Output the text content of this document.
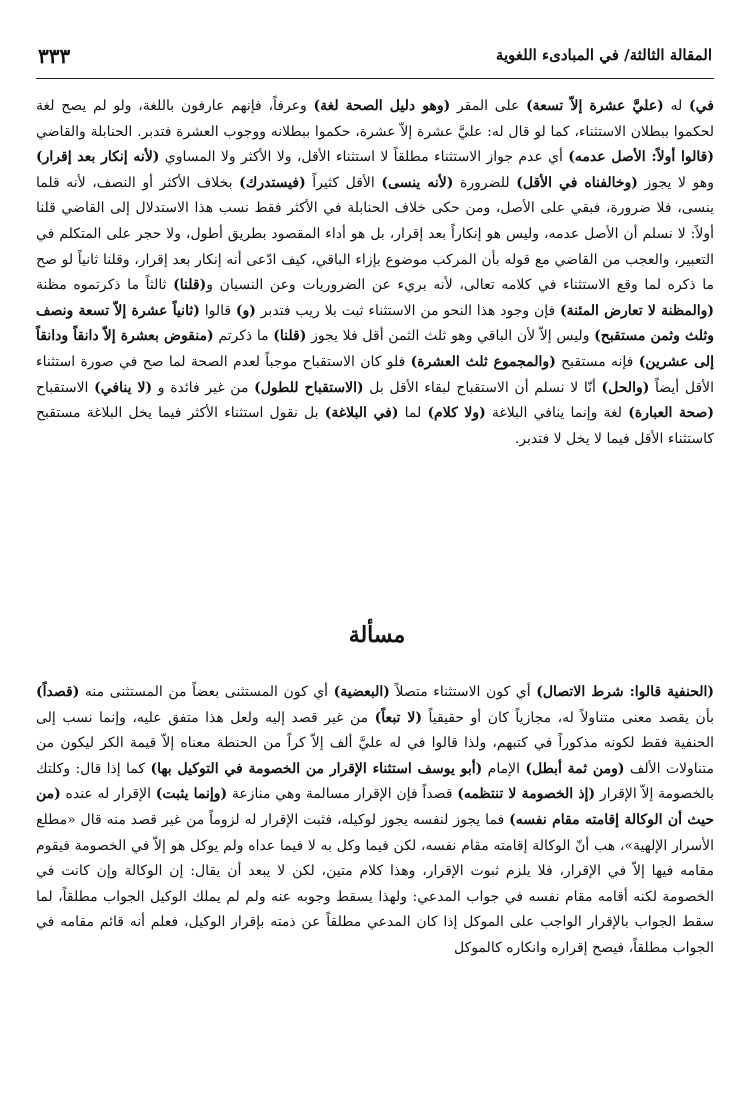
المقالة الثالثة/ في المبادىء اللغوية
٣٣٣
في) له (عليَّ عشرة إلاّ تسعة) على المقر (وهو دليل الصحة لغة) وعرفاً، فإنهم عارفون باللغة، ولو لم يصح لغة لحكموا ببطلان الاستثناء، كما لو قال له: عليَّ عشرة إلاّ عشرة، حكموا ببطلانه ووجوب العشرة فتدبر. الحنابلة والقاضي (قالوا أولاً: الأصل عدمه) أي عدم جواز الاستثناء مطلقاً لا استثناء الأقل، ولا الأكثر ولا المساوي (لأنه إنكار بعد إقرار) وهو لا يجوز (وخالفناه في الأقل) للضرورة (لأنه ينسى) الأقل كثيراً (فيستدرك) بخلاف الأكثر أو النصف، لأنه قلما ينسى، فلا ضرورة، فبقي على الأصل، ومن حكى خلاف الحنابلة في الأكثر فقط نسب هذا الاستدلال إلى القاضي قلنا أولاً: لا نسلم أن الأصل عدمه، وليس هو إنكاراً بعد إقرار، بل هو أداء المقصود بطريق أطول، ولا حجر على المتكلم في التعبير، والعجب من القاضي مع قوله بأن المركب موضوع بإزاء الباقي، كيف ادّعى أنه إنكار بعد إقرار، وقلنا ثانياً لو صح ما ذكره لما وقع الاستثناء في كلامه تعالى، لأنه بريء عن الضروريات وعن النسيان و(قلنا) ثالثاً ما ذكرتموه مظنة (والمظنة لا تعارض المئنة) فإن وجود هذا النحو من الاستثناء ثبت بلا ريب فتدبر (و) قالوا (ثانياً عشرة إلاّ تسعة ونصف وثلث وثمن مستقبح) وليس إلاّ لأن الباقي وهو ثلث الثمن أقل فلا يجوز (قلنا) ما ذكرتم (منقوض بعشرة إلاّ دانقاً ودانقاً إلى عشرين) فإنه مستقبح (والمجموع ثلث العشرة) فلو كان الاستقباح موجباً لعدم الصحة لما صح في صورة استثناء الأقل أيضاً (والحل) أنّا لا نسلم أن الاستقباح لبقاء الأقل بل (الاستقباح للطول) من غير فائدة و (لا ينافي) الاستقباح (صحة العبارة) لغة وإنما ينافي البلاغة (ولا كلام) لما (في البلاغة) بل نقول استثناء الأكثر فيما يخل البلاغة مستقبح كاستثناء الأقل فيما لا يخل لا فتدبر.
مسألة
(الحنفية قالوا: شرط الاتصال) أي كون الاستثناء متصلاً (البعضية) أي كون المستثنى بعضاً من المستثنى منه (قصداً) بأن يقصد معنى متناولاً له، مجازياً كان أو حقيقياً (لا تبعاً) من غير قصد إليه ولعل هذا متفق عليه، وإنما نسب إلى الحنفية فقط لكونه مذكوراً في كتبهم، ولذا قالوا في له عليَّ ألف إلاّ كراً من الحنطة معناه إلاّ قيمة الكر ليكون من متناولات الألف (ومن ثمة أبطل) الإمام (أبو يوسف استثناء الإقرار من الخصومة في التوكيل بها) كما إذا قال: وكلتك بالخصومة إلاّ الإقرار (إذ الخصومة لا تنتظمه) قصداً فإن الإقرار مسالمة وهي منازعة (وإنما يثبت) الإقرار له عنده (من حيث أن الوكالة إقامته مقام نفسه) فما يجوز لنفسه يجوز لوكيله، فثبت الإقرار له لزوماً من غير قصد منه قال «مطلع الأسرار الإلهية»، هب أنّ الوكالة إقامته مقام نفسه، لكن فيما وكل به لا فيما عداه ولم يوكل هو إلاّ في الخصومة فيقوم مقامه فيها إلاّ في الإقرار، فلا يلزم ثبوت الإقرار، وهذا كلام متين، لكن لا يبعد أن يقال: إن الوكالة وإن كانت في الخصومة لكنه أقامه مقام نفسه في جواب المدعي: ولهذا يسقط وجوبه عنه ولم لم يملك الوكيل الجواب مطلقاً، لما سقط الجواب بالإقرار الواجب على الموكل إذا كان المدعي مطلقاً عن ذمته بإقرار الوكيل، فعلم أنه قائم مقامه في الجواب مطلقاً، فيصح إقراره وانكاره كالموكل
